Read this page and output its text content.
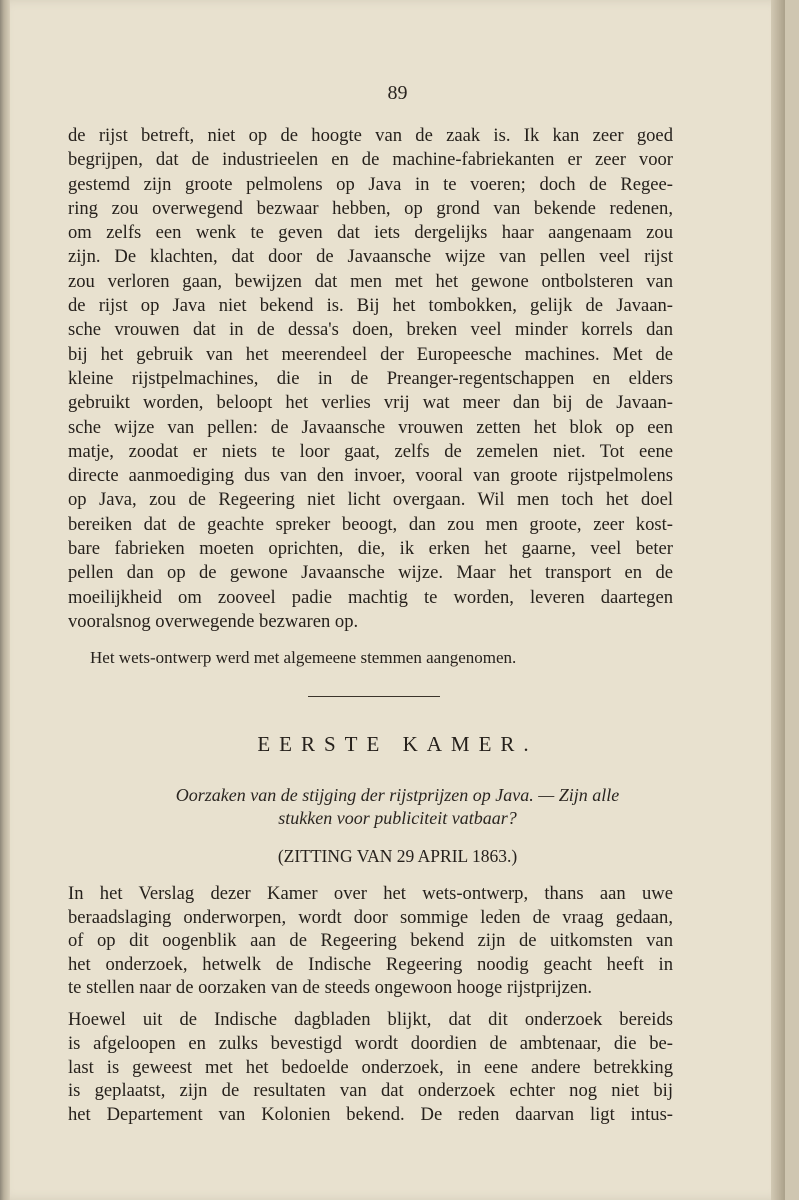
89
de rijst betreft, niet op de hoogte van de zaak is. Ik kan zeer goed
begrijpen, dat de industrieelen en de machine-fabriekanten er zeer voor
gestemd zijn groote pelmolens op Java in te voeren; doch de Regee-
ring zou overwegend bezwaar hebben, op grond van bekende redenen,
om zelfs een wenk te geven dat iets dergelijks haar aangenaam zou
zijn. De klachten, dat door de Javaansche wijze van pellen veel rijst
zou verloren gaan, bewijzen dat men met het gewone ontbolsteren van
de rijst op Java niet bekend is. Bij het tombokken, gelijk de Javaan-
sche vrouwen dat in de dessa's doen, breken veel minder korrels dan
bij het gebruik van het meerendeel der Europeesche machines. Met de
kleine rijstpelmachines, die in de Preanger-regentschappen en elders
gebruikt worden, beloopt het verlies vrij wat meer dan bij de Javaan-
sche wijze van pellen: de Javaansche vrouwen zetten het blok op een
matje, zoodat er niets te loor gaat, zelfs de zemelen niet. Tot eene
directe aanmoediging dus van den invoer, vooral van groote rijstpelmolens
op Java, zou de Regeering niet licht overgaan. Wil men toch het doel
bereiken dat de geachte spreker beoogt, dan zou men groote, zeer kost-
bare fabrieken moeten oprichten, die, ik erken het gaarne, veel beter
pellen dan op de gewone Javaansche wijze. Maar het transport en de
moeilijkheid om zooveel padie machtig te worden, leveren daartegen
vooralsnog overwegende bezwaren op.
Het wets-ontwerp werd met algemeene stemmen aangenomen.
EERSTE KAMER.
Oorzaken van de stijging der rijstprijzen op Java. — Zijn alle
stukken voor publiciteit vatbaar?
(ZITTING VAN 29 APRIL 1863.)
In het Verslag dezer Kamer over het wets-ontwerp, thans aan uwe
beraadslaging onderworpen, wordt door sommige leden de vraag gedaan,
of op dit oogenblik aan de Regeering bekend zijn de uitkomsten van
het onderzoek, hetwelk de Indische Regeering noodig geacht heeft in
te stellen naar de oorzaken van de steeds ongewoon hooge rijstprijzen.
Hoewel uit de Indische dagbladen blijkt, dat dit onderzoek bereids
is afgeloopen en zulks bevestigd wordt doordien de ambtenaar, die be-
last is geweest met het bedoelde onderzoek, in eene andere betrekking
is geplaatst, zijn de resultaten van dat onderzoek echter nog niet bij
het Departement van Kolonien bekend. De reden daarvan ligt intus-
